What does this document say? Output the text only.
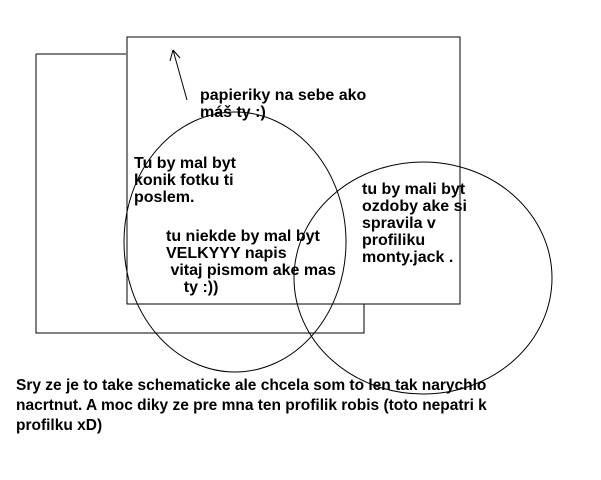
papieriky na sebe ako
máš ty :)
Tu by mal byt
konik fotku ti
poslem.
tu niekde by mal byt
VELKYYY napis
vitaj pismom ake mas
ty :))
tu by mali byt
ozdoby ake si
spravila v
profiliku
monty.jack .
Sry ze je to take schematicke ale chcela som to len tak narychlo
nacrtnut. A moc diky ze pre mna ten profilik robis (toto nepatri k
profilku xD)
